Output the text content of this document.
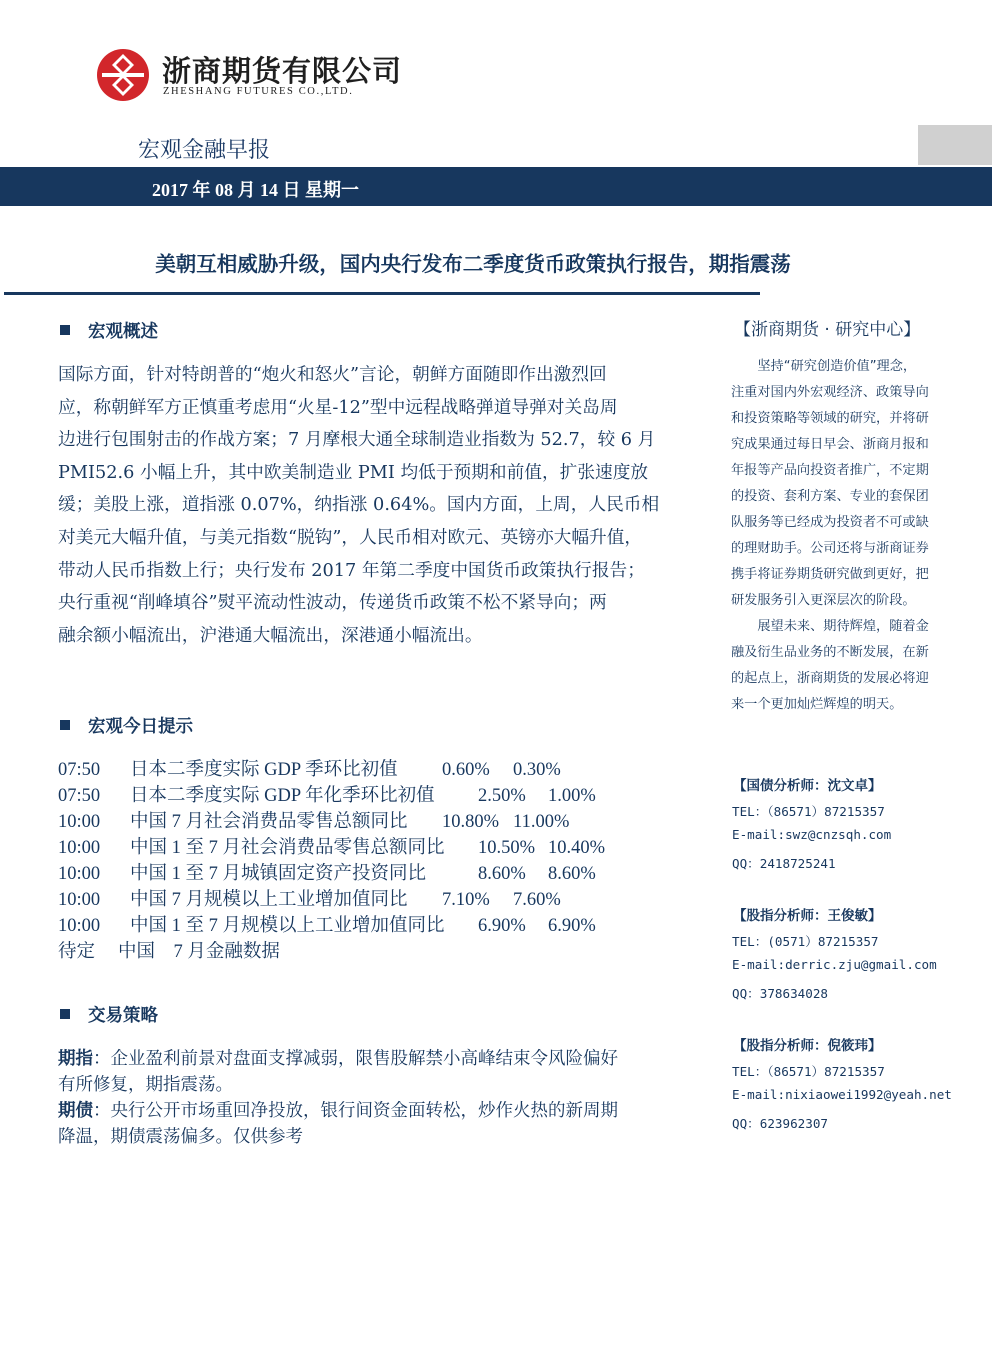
浙商期货有限公司
ZHESHANG FUTURES CO.,LTD.
宏观金融早报
2017 年 08 月 14 日 星期一
美朝互相威胁升级，国内央行发布二季度货币政策执行报告，期指震荡
宏观概述
国际方面，针对特朗普的“炮火和怒火”言论，朝鲜方面随即作出激烈回
应，称朝鲜军方正慎重考虑用“火星-12”型中远程战略弹道导弹对关岛周
边进行包围射击的作战方案；7 月摩根大通全球制造业指数为 52.7，较 6 月
PMI52.6 小幅上升，其中欧美制造业 PMI 均低于预期和前值，扩张速度放
缓；美股上涨，道指涨 0.07%，纳指涨 0.64%。国内方面，上周，人民币相
对美元大幅升值，与美元指数“脱钩”，人民币相对欧元、英镑亦大幅升值，
带动人民币指数上行；央行发布 2017 年第二季度中国货币政策执行报告；
央行重视“削峰填谷”熨平流动性波动，传递货币政策不松不紧导向；两
融余额小幅流出，沪港通大幅流出，深港通小幅流出。
宏观今日提示
07:50 日本二季度实际 GDP 季环比初值 0.60% 0.30%
07:50 日本二季度实际 GDP 年化季环比初值 2.50% 1.00%
10:00 中国 7 月社会消费品零售总额同比 10.80% 11.00%
10:00 中国 1 至 7 月社会消费品零售总额同比 10.50% 10.40%
10:00 中国 1 至 7 月城镇固定资产投资同比	8.60% 8.60%
10:00 中国 7 月规模以上工业增加值同比 7.10% 7.60%
10:00 中国 1 至 7 月规模以上工业增加值同比 6.90% 6.90%
待定 中国　7 月金融数据
交易策略
期指：企业盈利前景对盘面支撑减弱，限售股解禁小高峰结束令风险偏好
有所修复，期指震荡。
期债：央行公开市场重回净投放，银行间资金面转松，炒作火热的新周期
降温，期债震荡偏多。仅供参考
【浙商期货 · 研究中心】
　　坚持“研究创造价值”理念，
注重对国内外宏观经济、政策导向
和投资策略等领域的研究，并将研
究成果通过每日早会、浙商月报和
年报等产品向投资者推广，不定期
的投资、套利方案、专业的套保团
队服务等已经成为投资者不可或缺
的理财助手。公司还将与浙商证券
携手将证券期货研究做到更好，把
研发服务引入更深层次的阶段。
　　展望未来、期待辉煌，随着金
融及衍生品业务的不断发展，在新
的起点上，浙商期货的发展必将迎
来一个更加灿烂辉煌的明天。
【国债分析师：沈文卓】
TEL：（86571）87215357
E-mail:swz@cnzsqh.com
QQ：2418725241
【股指分析师：王俊敏】
TEL：(0571）87215357
E-mail:derric.zju@gmail.com
QQ：378634028
【股指分析师：倪筱玮】
TEL：（86571）87215357
E-mail:nixiaowei1992@yeah.net
QQ：623962307
